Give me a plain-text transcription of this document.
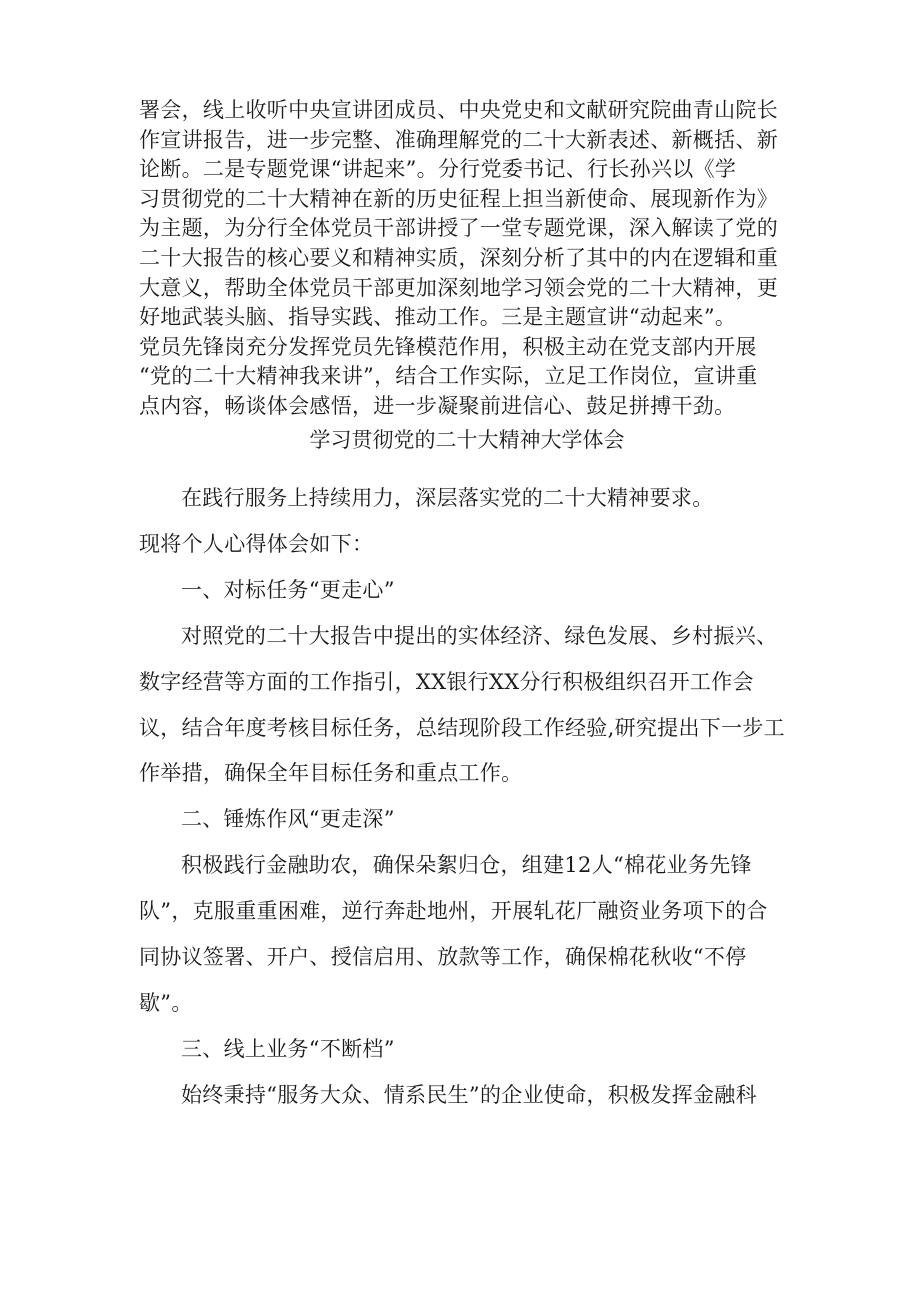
署会，线上收听中央宣讲团成员、中央党史和文献研究院曲青山院长
作宣讲报告，进一步完整、准确理解党的二十大新表述、新概括、新
论断。二是专题党课“讲起来”。分行党委书记、行长孙兴以《学
习贯彻党的二十大精神在新的历史征程上担当新使命、展现新作为》
为主题，为分行全体党员干部讲授了一堂专题党课，深入解读了党的
二十大报告的核心要义和精神实质，深刻分析了其中的内在逻辑和重
大意义，帮助全体党员干部更加深刻地学习领会党的二十大精神，更
好地武装头脑、指导实践、推动工作。三是主题宣讲“动起来”。
党员先锋岗充分发挥党员先锋模范作用，积极主动在党支部内开展
“党的二十大精神我来讲”，结合工作实际，立足工作岗位，宣讲重
点内容，畅谈体会感悟，进一步凝聚前进信心、鼓足拼搏干劲。
学习贯彻党的二十大精神大学体会

在践行服务上持续用力，深层落实党的二十大精神要求。

现将个人心得体会如下：

一、对标任务“更走心”

对照党的二十大报告中提出的实体经济、绿色发展、乡村振兴、
数字经营等方面的工作指引，XX银行XX分行积极组织召开工作会
议，结合年度考核目标任务，总结现阶段工作经验,研究提出下一步工
作举措，确保全年目标任务和重点工作。

二、锤炼作风“更走深”

积极践行金融助农，确保朵絮归仓，组建12人“棉花业务先锋
队”，克服重重困难，逆行奔赴地州，开展轧花厂融资业务项下的合
同协议签署、开户、授信启用、放款等工作，确保棉花秋收“不停
歇”。

三、线上业务“不断档”

始终秉持“服务大众、情系民生”的企业使命，积极发挥金融科
